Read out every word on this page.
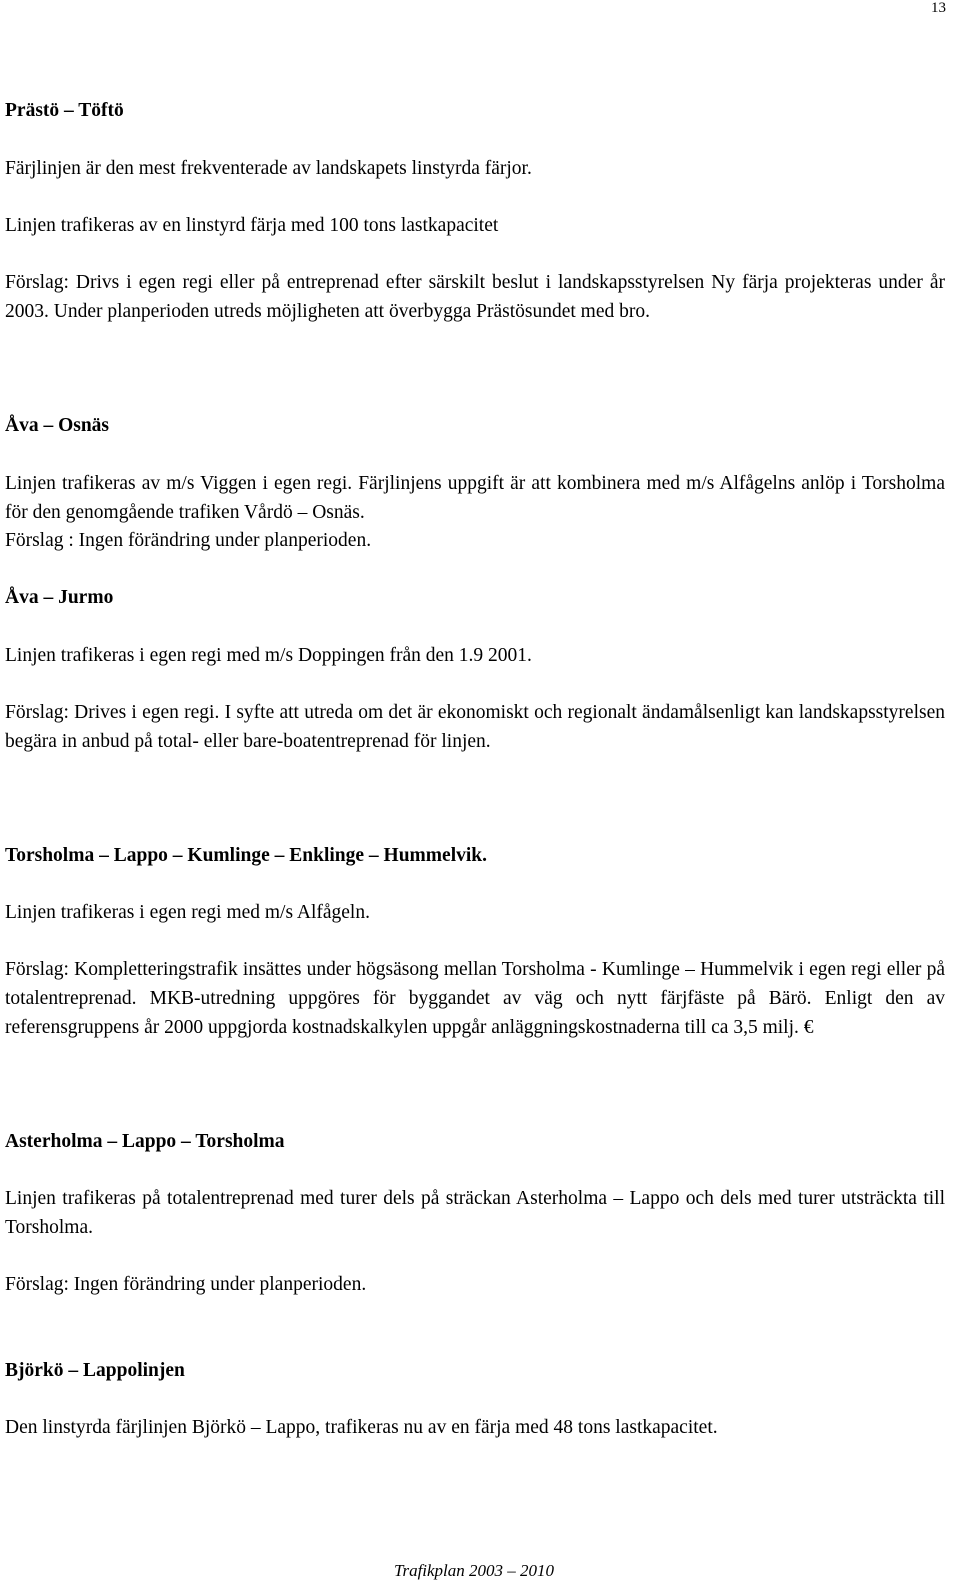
13
Prästö – Töftö

Färjlinjen är den mest frekventerade av landskapets linstyrda färjor.

Linjen trafikeras av en linstyrd färja med 100 tons lastkapacitet

Förslag: Drivs i egen regi eller på entreprenad efter särskilt beslut i landskapsstyrelsen Ny färja projekteras under år 2003. Under planperioden utreds möjligheten att överbygga Prästösundet med bro.

Åva – Osnäs

Linjen trafikeras av m/s Viggen i egen regi. Färjlinjens uppgift är att kombinera med m/s Alfågelns anlöp i Torsholma för den genomgående trafiken Vårdö – Osnäs.

Förslag : Ingen förändring under planperioden.

Åva – Jurmo

Linjen trafikeras i egen regi med m/s Doppingen från den 1.9 2001.

Förslag: Drives i egen regi. I syfte att utreda om det är ekonomiskt och regionalt ändamålsenligt kan landskapsstyrelsen begära in anbud på total- eller bare-boatentreprenad för linjen.

Torsholma – Lappo – Kumlinge – Enklinge – Hummelvik.

Linjen trafikeras i egen regi med m/s Alfågeln.

Förslag: Kompletteringstrafik insättes under högsäsong mellan Torsholma - Kumlinge – Hummelvik i egen regi eller på totalentreprenad. MKB-utredning uppgöres för byggandet av väg och nytt färjfäste på Bärö. Enligt den av referensgruppens år 2000 uppgjorda kostnadskalkylen uppgår anläggningskostnaderna till ca 3,5 milj. €

Asterholma – Lappo – Torsholma

Linjen trafikeras på totalentreprenad med turer dels på sträckan Asterholma – Lappo och dels med turer utsträckta till Torsholma.

Förslag: Ingen förändring under planperioden.

Björkö – Lappolinjen

Den linstyrda färjlinjen Björkö – Lappo, trafikeras nu av en färja med 48 tons lastkapacitet.

Trafikplan 2003 – 2010
